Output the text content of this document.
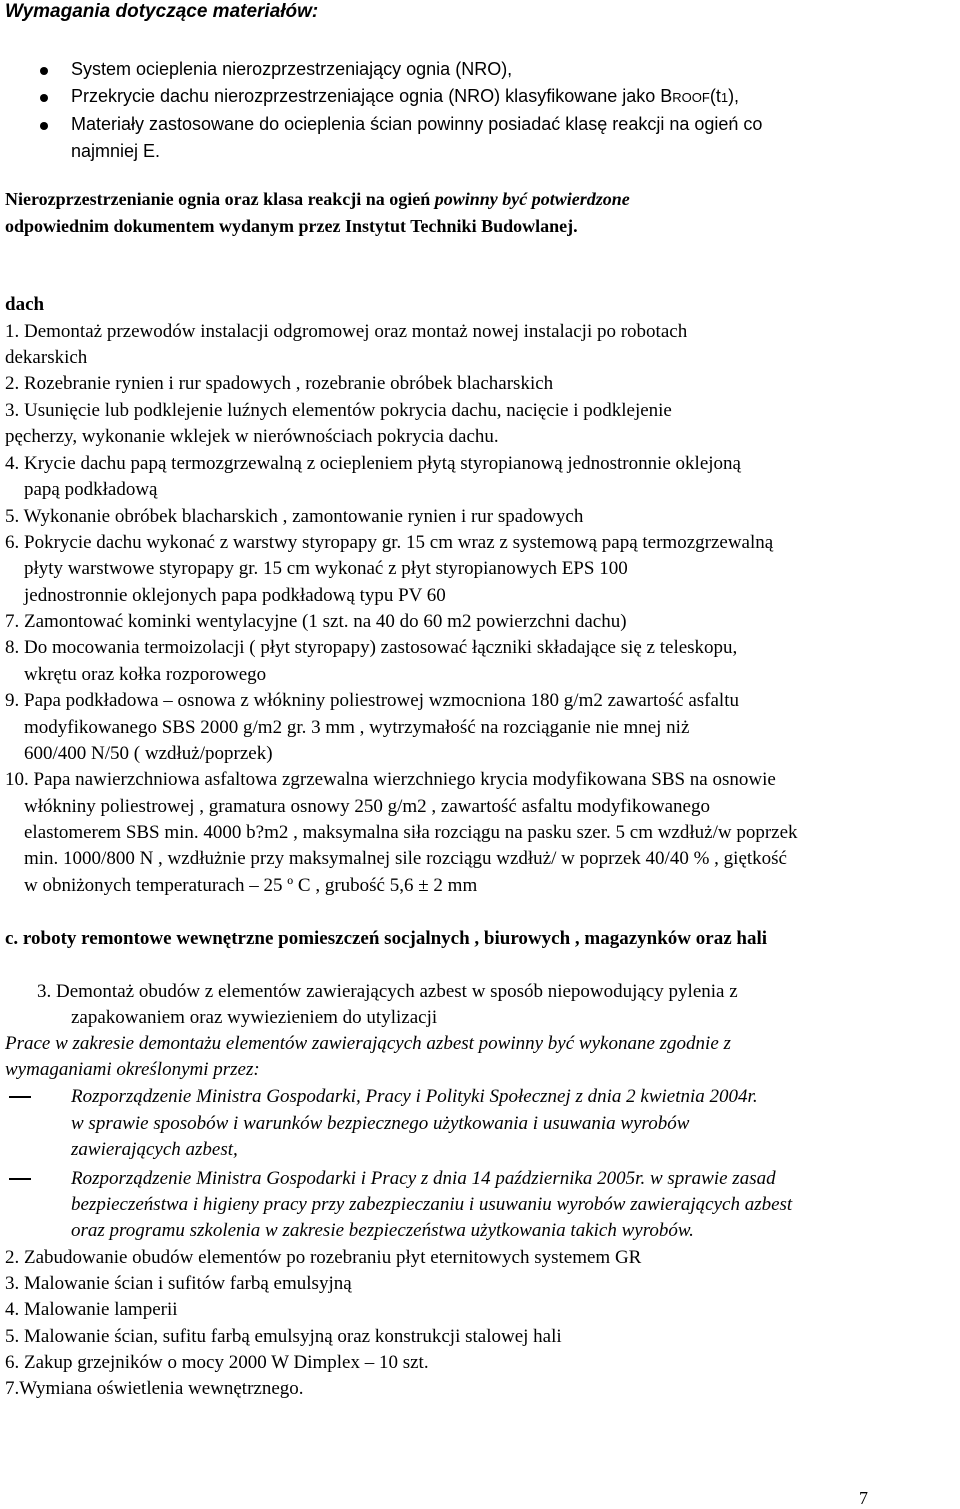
Wymagania dotyczące materiałów:
System ocieplenia nierozprzestrzeniający ognia (NRO),
Przekrycie dachu nierozprzestrzeniające ognia (NRO) klasyfikowane jako BROOF(t1),
Materiały zastosowane do ocieplenia ścian powinny posiadać klasę reakcji na ogień co
najmniej E.
Nierozprzestrzenianie ognia oraz klasa reakcji na ogień powinny być potwierdzone
odpowiednim dokumentem wydanym przez Instytut Techniki Budowlanej.
dach
1. Demontaż przewodów instalacji odgromowej oraz montaż nowej instalacji po robotach
dekarskich
2. Rozebranie rynien i rur spadowych , rozebranie obróbek blacharskich
3. Usunięcie lub podklejenie luźnych elementów pokrycia dachu, nacięcie i podklejenie
pęcherzy, wykonanie wklejek w nierównościach pokrycia dachu.
4. Krycie dachu papą termozgrzewalną z ociepleniem płytą styropianową jednostronnie oklejoną
papą podkładową
5. Wykonanie obróbek blacharskich , zamontowanie rynien i rur spadowych
6. Pokrycie dachu wykonać z warstwy styropapy gr. 15 cm wraz z systemową papą termozgrzewalną
płyty warstwowe styropapy gr. 15 cm wykonać z płyt styropianowych EPS 100
jednostronnie oklejonych papa podkładową typu PV 60
7. Zamontować kominki wentylacyjne (1 szt. na 40 do 60 m2 powierzchni dachu)
8. Do mocowania termoizolacji ( płyt styropapy) zastosować łączniki składające się z teleskopu,
wkrętu oraz kołka rozporowego
9. Papa podkładowa – osnowa z włókniny poliestrowej wzmocniona 180 g/m2 zawartość asfaltu
modyfikowanego SBS 2000 g/m2 gr. 3 mm , wytrzymałość na rozciąganie nie mnej niż
600/400 N/50 ( wzdłuż/poprzek)
10. Papa nawierzchniowa asfaltowa zgrzewalna wierzchniego krycia modyfikowana SBS na osnowie
włókniny poliestrowej , gramatura osnowy 250 g/m2 , zawartość asfaltu modyfikowanego
elastomerem SBS min. 4000 b?m2 , maksymalna siła rozciągu na pasku szer. 5 cm wzdłuż/w poprzek
min. 1000/800 N , wzdłużnie przy maksymalnej sile rozciągu wzdłuż/ w poprzek 40/40 % , giętkość
w obniżonych temperaturach – 25 º C , grubość 5,6 ± 2 mm
c. roboty remontowe wewnętrzne pomieszczeń socjalnych , biurowych , magazynków oraz hali
3. Demontaż obudów z elementów zawierających azbest w sposób niepowodujący pylenia z
zapakowaniem oraz wywiezieniem do utylizacji
Prace w zakresie demontażu elementów zawierających azbest powinny być wykonane zgodnie z
wymaganiami określonymi przez:
Rozporządzenie Ministra Gospodarki, Pracy i Polityki Społecznej z dnia 2 kwietnia 2004r.
w sprawie sposobów i warunków bezpiecznego użytkowania i usuwania wyrobów
zawierających azbest,
Rozporządzenie Ministra Gospodarki i Pracy z dnia 14 października 2005r. w sprawie zasad
bezpieczeństwa i higieny pracy przy zabezpieczaniu i usuwaniu wyrobów zawierających azbest
oraz programu szkolenia w zakresie bezpieczeństwa użytkowania takich wyrobów.
2. Zabudowanie obudów elementów po rozebraniu płyt eternitowych systemem GR
3. Malowanie ścian i sufitów farbą emulsyjną
4. Malowanie lamperii
5. Malowanie ścian, sufitu farbą emulsyjną oraz konstrukcji stalowej hali
6. Zakup grzejników o mocy 2000 W Dimplex – 10 szt.
7.Wymiana oświetlenia wewnętrznego.
7
